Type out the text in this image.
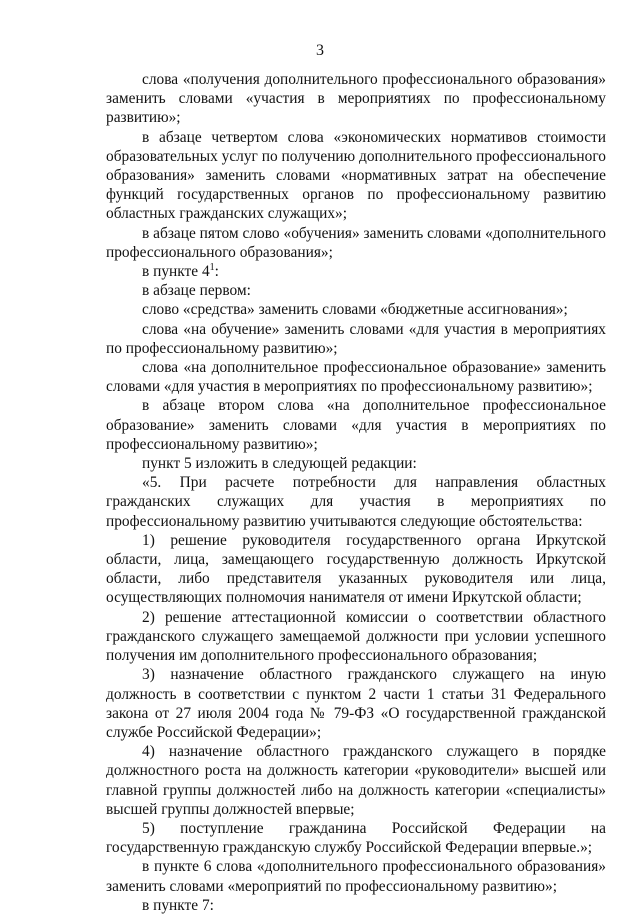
3

слова «получения дополнительного профессионального образования» заменить словами «участия в мероприятиях по профессиональному развитию»;

в абзаце четвертом слова «экономических нормативов стоимости образовательных услуг по получению дополнительного профессионального образования» заменить словами «нормативных затрат на обеспечение функций государственных органов по профессиональному развитию областных гражданских служащих»;

в абзаце пятом слово «обучения» заменить словами «дополнительного профессионального образования»;

в пункте $4^1$:

в абзаце первом:

слово «средства» заменить словами «бюджетные ассигнования»;

слова «на обучение» заменить словами «для участия в мероприятиях по профессиональному развитию»;

слова «на дополнительное профессиональное образование» заменить словами «для участия в мероприятиях по профессиональному развитию»;

в абзаце втором слова «на дополнительное профессиональное образование» заменить словами «для участия в мероприятиях по профессиональному развитию»;

пункт 5 изложить в следующей редакции:

«5. При расчете потребности для направления областных гражданских служащих для участия в мероприятиях по профессиональному развитию учитываются следующие обстоятельства:

1) решение руководителя государственного органа Иркутской области, лица, замещающего государственную должность Иркутской области, либо представителя указанных руководителя или лица, осуществляющих полномочия нанимателя от имени Иркутской области;

2) решение аттестационной комиссии о соответствии областного гражданского служащего замещаемой должности при условии успешного получения им дополнительного профессионального образования;

3) назначение областного гражданского служащего на иную должность в соответствии с пунктом 2 части 1 статьи 31 Федерального закона от 27 июля 2004 года № 79-ФЗ «О государственной гражданской службе Российской Федерации»;

4) назначение областного гражданского служащего в порядке должностного роста на должность категории «руководители» высшей или главной группы должностей либо на должность категории «специалисты» высшей группы должностей впервые;

5) поступление гражданина Российской Федерации на государственную гражданскую службу Российской Федерации впервые.»;

в пункте 6 слова «дополнительного профессионального образования» заменить словами «мероприятий по профессиональному развитию»;

в пункте 7:
